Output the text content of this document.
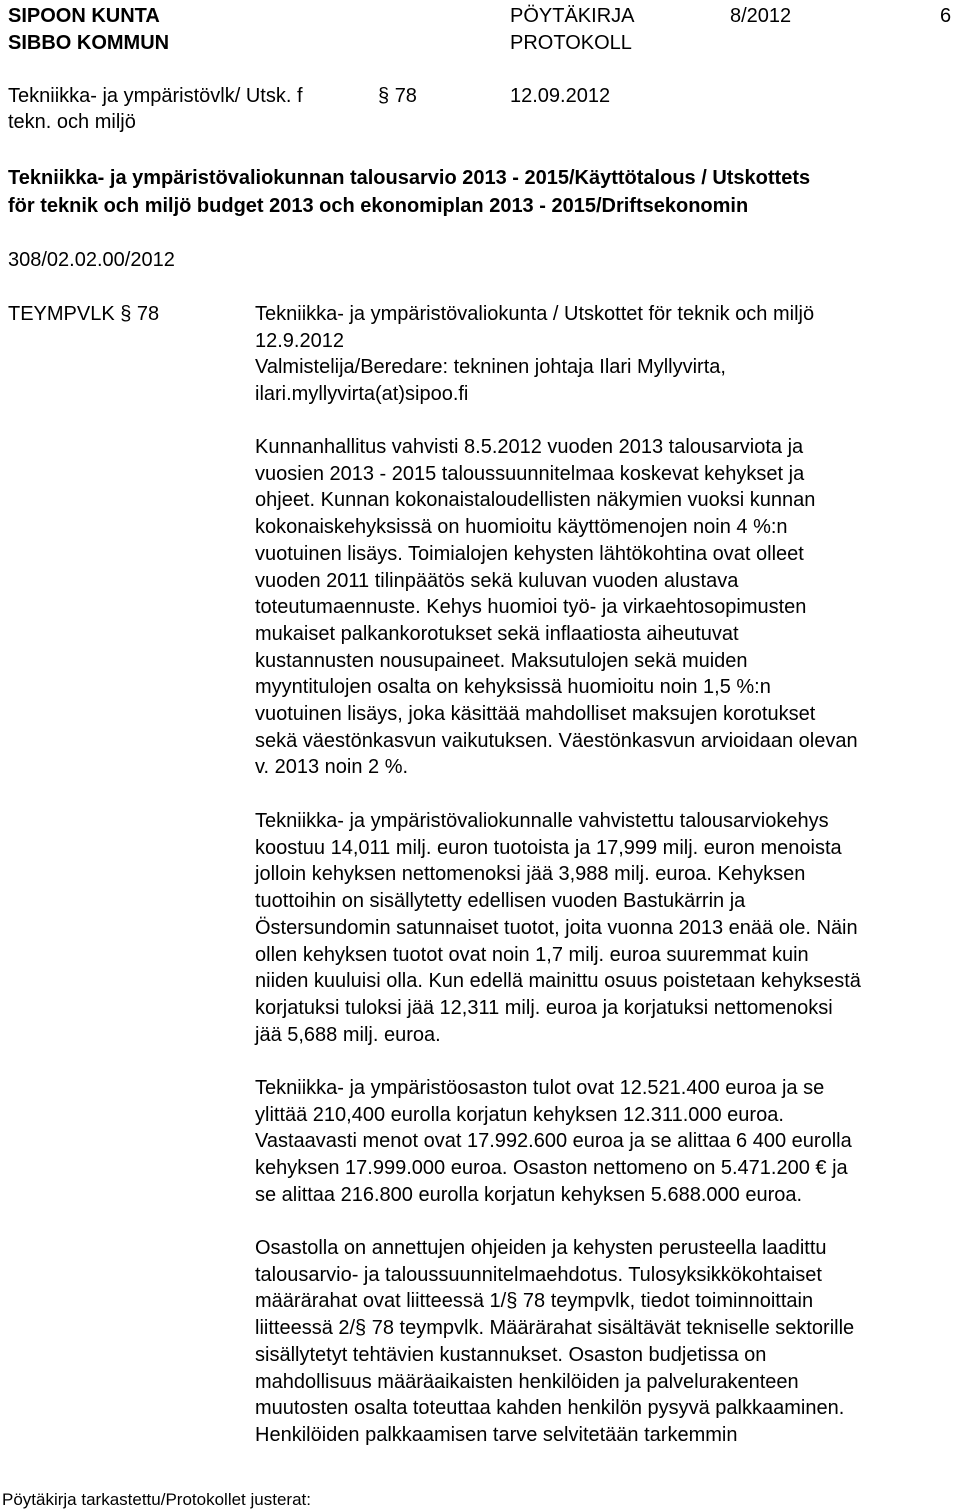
SIPOON KUNTA
SIBBO KOMMUN
PÖYTÄKIRJA
PROTOKOLL
8/2012	6
Tekniikka- ja ympäristövlk/ Utsk. f
tekn. och miljö
§ 78	12.09.2012
Tekniikka- ja ympäristövaliokunnan talousarvio 2013 - 2015/Käyttötalous / Utskottets
för teknik och miljö budget 2013 och ekonomiplan 2013 - 2015/Driftsekonomin
308/02.02.00/2012
TEYMPVLK § 78	Tekniikka- ja ympäristövaliokunta / Utskottet för teknik och miljö
12.9.2012
Valmistelija/Beredare: tekninen johtaja Ilari Myllyvirta,
ilari.myllyvirta(at)sipoo.fi
Kunnanhallitus vahvisti 8.5.2012 vuoden 2013 talousarviota ja
vuosien 2013 - 2015 taloussuunnitelmaa koskevat kehykset ja
ohjeet. Kunnan kokonaistaloudellisten näkymien vuoksi kunnan
kokonaiskehyksissä on huomioitu käyttömenojen noin 4 %:n
vuotuinen lisäys. Toimialojen kehysten lähtökohtina ovat olleet
vuoden 2011 tilinpäätös sekä kuluvan vuoden alustava
toteutumaennuste. Kehys huomioi työ- ja virkaehtosopimusten
mukaiset palkankorotukset sekä inflaatiosta aiheutuvat
kustannusten nousupaineet. Maksutulojen sekä muiden
myyntitulojen osalta on kehyksissä huomioitu noin 1,5 %:n
vuotuinen lisäys, joka käsittää mahdolliset maksujen korotukset
sekä väestönkasvun vaikutuksen. Väestönkasvun arvioidaan olevan
v. 2013 noin 2 %.
Tekniikka- ja ympäristövaliokunnalle vahvistettu talousarviokehys
koostuu 14,011 milj. euron tuotoista ja 17,999 milj. euron menoista
jolloin kehyksen nettomenoksi jää 3,988 milj. euroa. Kehyksen
tuottoihin on sisällytetty edellisen vuoden Bastukärrin ja
Östersundomin satunnaiset tuotot, joita vuonna 2013 enää ole. Näin
ollen kehyksen tuotot ovat noin 1,7 milj. euroa suuremmat kuin
niiden kuuluisi olla. Kun edellä mainittu osuus poistetaan kehyksestä
korjatuksi tuloksi jää 12,311 milj. euroa ja korjatuksi nettomenoksi
jää 5,688 milj. euroa.
Tekniikka- ja ympäristöosaston tulot ovat 12.521.400 euroa ja se
ylittää 210,400 eurolla korjatun kehyksen 12.311.000 euroa.
Vastaavasti menot ovat 17.992.600 euroa ja se alittaa 6 400 eurolla
kehyksen 17.999.000 euroa. Osaston nettomeno on 5.471.200 € ja
se alittaa 216.800 eurolla korjatun kehyksen 5.688.000 euroa.
Osastolla on annettujen ohjeiden ja kehysten perusteella laadittu
talousarvio- ja taloussuunnitelmaehdotus. Tulosyksikkökohtaiset
määrärahat ovat liitteessä 1/§ 78 teympvlk, tiedot toiminnoittain
liitteessä 2/§ 78 teympvlk. Määrärahat sisältävät tekniselle sektorille
sisällytetyt tehtävien kustannukset. Osaston budjetissa on
mahdollisuus määräaikaisten henkilöiden ja palvelurakenteen
muutosten osalta toteuttaa kahden henkilön pysyvä palkkaaminen.
Henkilöiden palkkaamisen tarve selvitetään tarkemmin
Pöytäkirja tarkastettu/Protokollet justerat:
